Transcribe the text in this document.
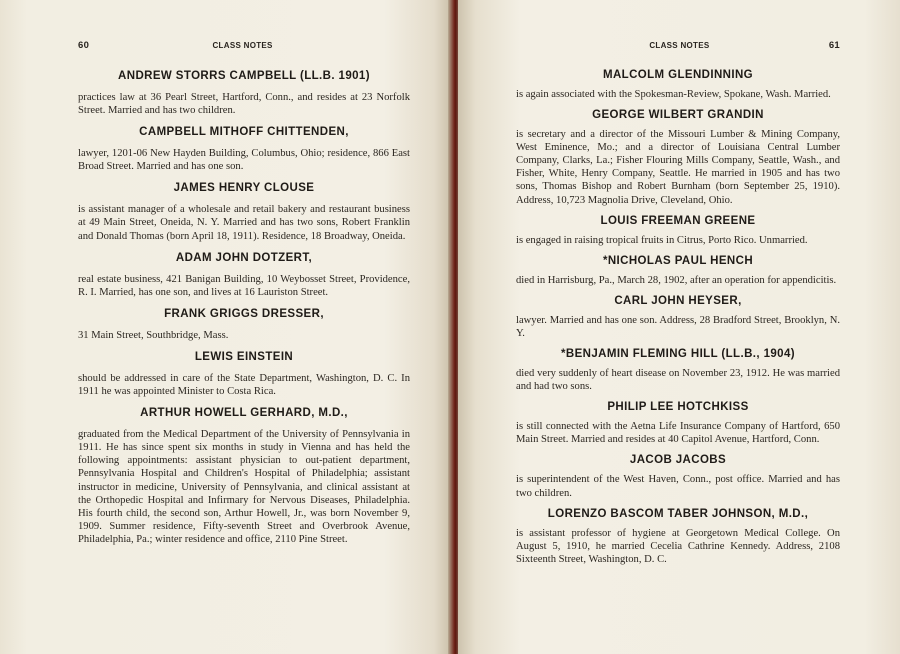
60	CLASS NOTES
ANDREW STORRS CAMPBELL (LL.B. 1901)
practices law at 36 Pearl Street, Hartford, Conn., and resides at 23 Norfolk Street. Married and has two children.
CAMPBELL MITHOFF CHITTENDEN,
lawyer, 1201-06 New Hayden Building, Columbus, Ohio; residence, 866 East Broad Street. Married and has one son.
JAMES HENRY CLOUSE
is assistant manager of a wholesale and retail bakery and restaurant business at 49 Main Street, Oneida, N. Y. Married and has two sons, Robert Franklin and Donald Thomas (born April 18, 1911). Residence, 18 Broadway, Oneida.
ADAM JOHN DOTZERT,
real estate business, 421 Banigan Building, 10 Weybosset Street, Providence, R. I. Married, has one son, and lives at 16 Lauriston Street.
FRANK GRIGGS DRESSER,
31 Main Street, Southbridge, Mass.
LEWIS EINSTEIN
should be addressed in care of the State Department, Washington, D. C. In 1911 he was appointed Minister to Costa Rica.
ARTHUR HOWELL GERHARD, M.D.,
graduated from the Medical Department of the University of Pennsylvania in 1911. He has since spent six months in study in Vienna and has held the following appointments: assistant physician to out-patient department, Pennsylvania Hospital and Children's Hospital of Philadelphia; assistant instructor in medicine, University of Pennsylvania, and clinical assistant at the Orthopedic Hospital and Infirmary for Nervous Diseases, Philadelphia. His fourth child, the second son, Arthur Howell, Jr., was born November 9, 1909. Summer residence, Fifty-seventh Street and Overbrook Avenue, Philadelphia, Pa.; winter residence and office, 2110 Pine Street.
CLASS NOTES	61
MALCOLM GLENDINNING
is again associated with the Spokesman-Review, Spokane, Wash. Married.
GEORGE WILBERT GRANDIN
is secretary and a director of the Missouri Lumber & Mining Company, West Eminence, Mo.; and a director of Louisiana Central Lumber Company, Clarks, La.; Fisher Flouring Mills Company, Seattle, Wash., and Fisher, White, Henry Company, Seattle. He married in 1905 and has two sons, Thomas Bishop and Robert Burnham (born September 25, 1910). Address, 10,723 Magnolia Drive, Cleveland, Ohio.
LOUIS FREEMAN GREENE
is engaged in raising tropical fruits in Citrus, Porto Rico. Unmarried.
*NICHOLAS PAUL HENCH
died in Harrisburg, Pa., March 28, 1902, after an operation for appendicitis.
CARL JOHN HEYSER,
lawyer. Married and has one son. Address, 28 Bradford Street, Brooklyn, N. Y.
*BENJAMIN FLEMING HILL (LL.B., 1904)
died very suddenly of heart disease on November 23, 1912. He was married and had two sons.
PHILIP LEE HOTCHKISS
is still connected with the Aetna Life Insurance Company of Hartford, 650 Main Street. Married and resides at 40 Capitol Avenue, Hartford, Conn.
JACOB JACOBS
is superintendent of the West Haven, Conn., post office. Married and has two children.
LORENZO BASCOM TABER JOHNSON, M.D.,
is assistant professor of hygiene at Georgetown Medical College. On August 5, 1910, he married Cecelia Cathrine Kennedy. Address, 2108 Sixteenth Street, Washington, D. C.
